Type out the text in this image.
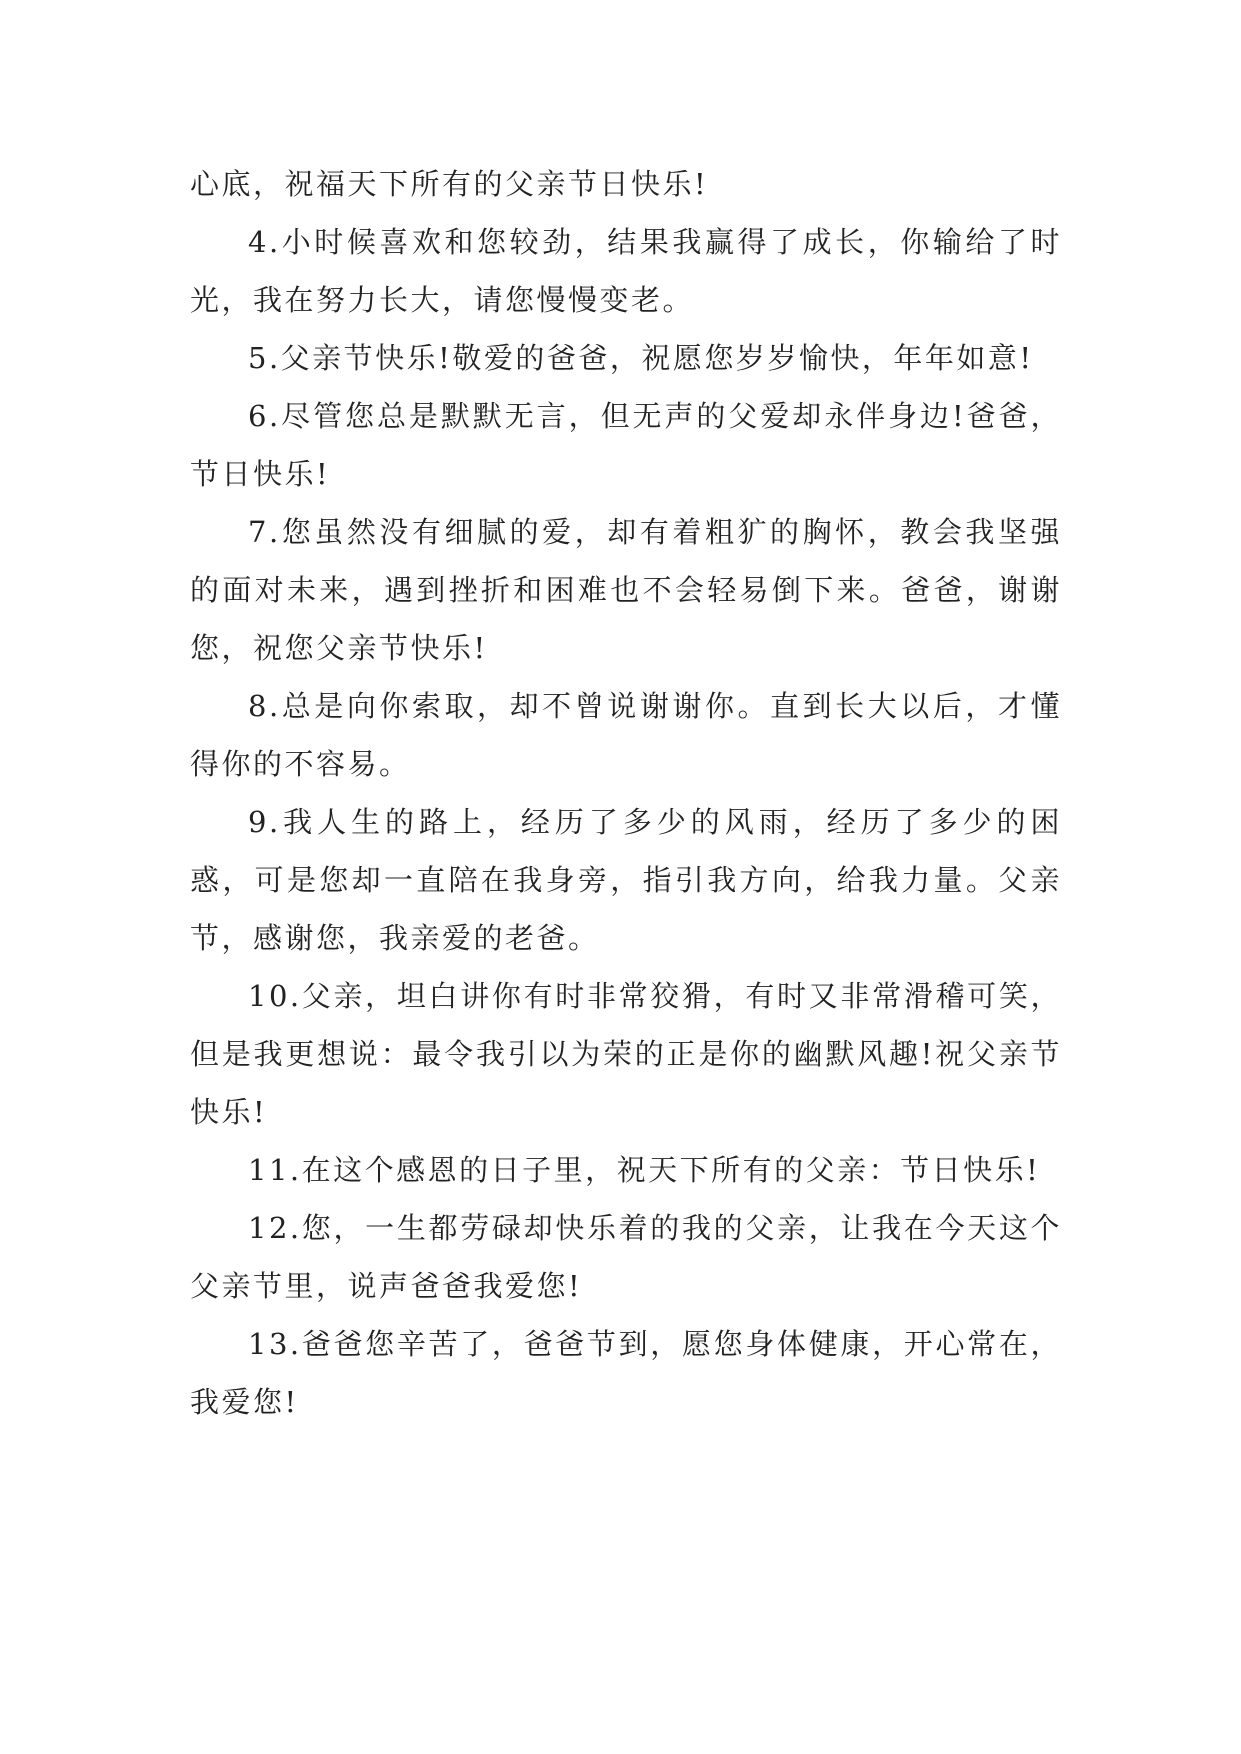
心底，祝福天下所有的父亲节日快乐!

4.小时候喜欢和您较劲，结果我赢得了成长，你输给了时光，我在努力长大，请您慢慢变老。

5.父亲节快乐!敬爱的爸爸，祝愿您岁岁愉快，年年如意!

6.尽管您总是默默无言，但无声的父爱却永伴身边!爸爸，节日快乐!

7.您虽然没有细腻的爱，却有着粗犷的胸怀，教会我坚强的面对未来，遇到挫折和困难也不会轻易倒下来。爸爸，谢谢您，祝您父亲节快乐!

8.总是向你索取，却不曾说谢谢你。直到长大以后，才懂得你的不容易。

9.我人生的路上，经历了多少的风雨，经历了多少的困惑，可是您却一直陪在我身旁，指引我方向，给我力量。父亲节，感谢您，我亲爱的老爸。

10.父亲，坦白讲你有时非常狡猾，有时又非常滑稽可笑，但是我更想说：最令我引以为荣的正是你的幽默风趣!祝父亲节快乐!

11.在这个感恩的日子里，祝天下所有的父亲：节日快乐!

12.您，一生都劳碌却快乐着的我的父亲，让我在今天这个父亲节里，说声爸爸我爱您!

13.爸爸您辛苦了，爸爸节到，愿您身体健康，开心常在，我爱您!
